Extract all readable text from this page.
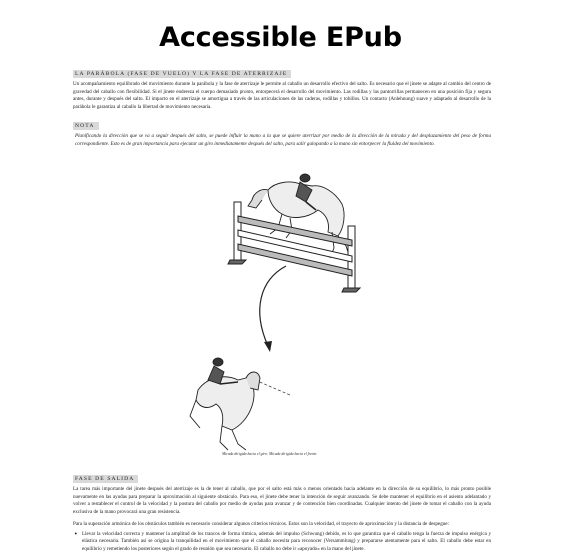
Accessible EPub
LA PARÁBOLA (FASE DE VUELO) Y LA FASE DE ATERRIZAJE

Un acompañamiento equilibrado del movimiento durante la parábola y la fase de aterrizaje le permite al caballo un desarrollo efectivo del salto. Es necesario que el jinete se adapte al cambio del centro de gravedad del caballo con flexibilidad. Si el jinete endereza el cuerpo demasiado pronto, entorpecerá el desarrollo del movimiento. Las rodillas y las pantorrillas permanecen en una posición fija y segura antes, durante y después del salto. El impacto en el aterrizaje se amortigua a través de las articulaciones de las caderas, rodillas y tobillos. Un contacto (Anlehnung) suave y adaptado al desarrollo de la parábola le garantiza al caballo la libertad de movimiento necesaria.

NOTA

Planificando la dirección que se va a seguir después del salto, se puede influir la mano a la que se quiere aterrizar por medio de la dirección de la mirada y del desplazamiento del peso de forma correspondiente. Esto es de gran importancia para ejecutar un giro inmediatamente después del salto, para salir galopando a la mano sin entorpecer la fluidez del movimiento.

Mirada dirigida hacia el giro: Mirada dirigida hacia el frente.
FASE DE SALIDA

La tarea más importante del jinete después del aterrizaje es la de tener al caballo, que por el salto está más o menos orientado hacia adelante en la dirección de su equilibrio, lo más pronto posible nuevamente en las ayudas para preparar la aproximación al siguiente obstáculo. Para eso, el jinete debe tener la intención de seguir avanzando. Se debe mantener el equilibrio en el asiento adelantado y volver a restablecer el control de la velocidad y la postura del caballo por medio de ayudas para avanzar y de contención bien coordinadas. Cualquier intento del jinete de tomar el caballo con la ayuda exclusiva de la mano provocará una gran resistencia.

Para la superación armónica de los obstáculos también es necesario considerar algunos criterios técnicos. Estos son la velocidad, el trayecto de aproximación y la distancia de despegue:

• Llevar la velocidad correcta y mantener la amplitud de los trancos de forma rítmica, además del impulso (Schwung) debido, es lo que garantiza que el caballo tenga la fuerza de impulso enérgica y elástica necesaria. También así se origina la tranquilidad en el movimiento que el caballo necesita para reconocer (Versammlung) y prepararse atentamente para el salto. El caballo debe estar en equilibrio y remetiendo los posteriores según el grado de reunión que sea necesario. El caballo no debe ir «apoyado» en la mano del jinete.
